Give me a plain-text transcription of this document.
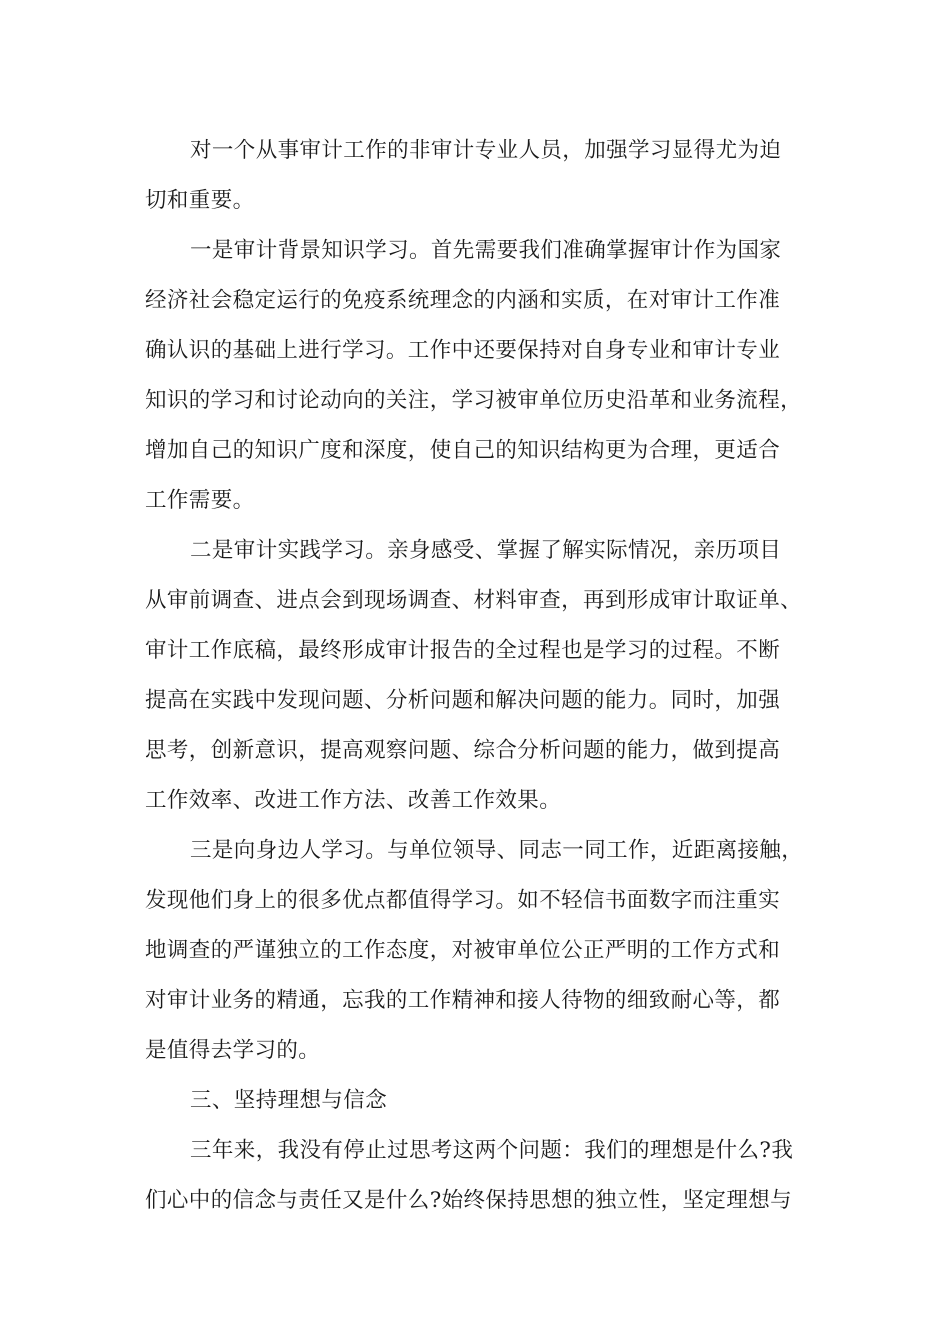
对一个从事审计工作的非审计专业人员，加强学习显得尤为迫
切和重要。
一是审计背景知识学习。首先需要我们准确掌握审计作为国家
经济社会稳定运行的免疫系统理念的内涵和实质，在对审计工作准
确认识的基础上进行学习。工作中还要保持对自身专业和审计专业
知识的学习和讨论动向的关注，学习被审单位历史沿革和业务流程，
增加自己的知识广度和深度，使自己的知识结构更为合理，更适合
工作需要。
二是审计实践学习。亲身感受、掌握了解实际情况，亲历项目
从审前调查、进点会到现场调查、材料审查，再到形成审计取证单、
审计工作底稿，最终形成审计报告的全过程也是学习的过程。不断
提高在实践中发现问题、分析问题和解决问题的能力。同时，加强
思考，创新意识，提高观察问题、综合分析问题的能力，做到提高
工作效率、改进工作方法、改善工作效果。
三是向身边人学习。与单位领导、同志一同工作，近距离接触，
发现他们身上的很多优点都值得学习。如不轻信书面数字而注重实
地调查的严谨独立的工作态度，对被审单位公正严明的工作方式和
对审计业务的精通，忘我的工作精神和接人待物的细致耐心等，都
是值得去学习的。
三、坚持理想与信念
三年来，我没有停止过思考这两个问题：我们的理想是什么?我
们心中的信念与责任又是什么?始终保持思想的独立性，坚定理想与
